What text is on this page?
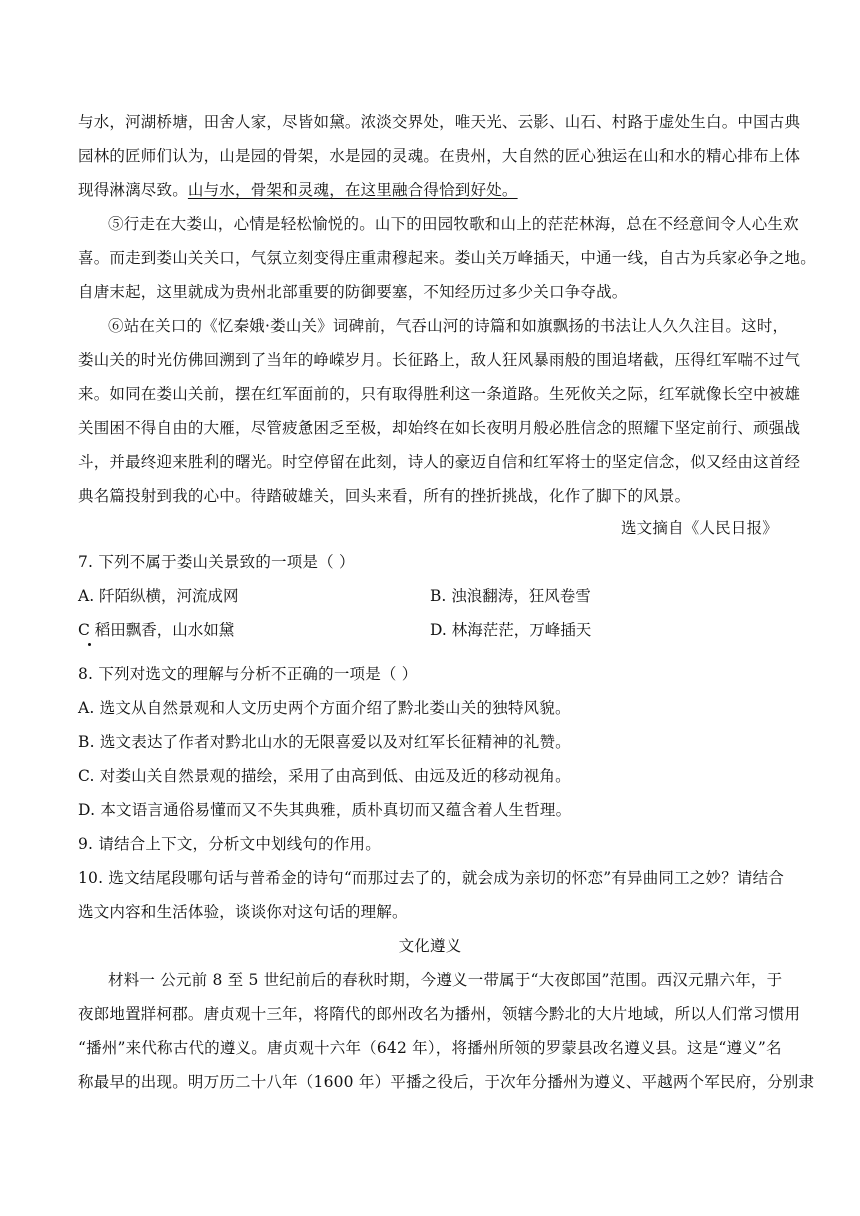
与水，河湖桥塘，田舍人家，尽皆如黛。浓淡交界处，唯天光、云影、山石、村路于虚处生白。中国古典
园林的匠师们认为，山是园的骨架，水是园的灵魂。在贵州，大自然的匠心独运在山和水的精心排布上体
现得淋漓尽致。山与水，骨架和灵魂，在这里融合得恰到好处。
⑤行走在大娄山，心情是轻松愉悦的。山下的田园牧歌和山上的茫茫林海，总在不经意间令人心生欢
喜。而走到娄山关关口，气氛立刻变得庄重肃穆起来。娄山关万峰插天，中通一线，自古为兵家必争之地。
自唐末起，这里就成为贵州北部重要的防御要塞，不知经历过多少关口争夺战。
⑥站在关口的《忆秦娥·娄山关》词碑前，气吞山河的诗篇和如旗飘扬的书法让人久久注目。这时，
娄山关的时光仿佛回溯到了当年的峥嵘岁月。长征路上，敌人狂风暴雨般的围追堵截，压得红军喘不过气
来。如同在娄山关前，摆在红军面前的，只有取得胜利这一条道路。生死攸关之际，红军就像长空中被雄
关围困不得自由的大雁，尽管疲惫困乏至极，却始终在如长夜明月般必胜信念的照耀下坚定前行、顽强战
斗，并最终迎来胜利的曙光。时空停留在此刻，诗人的豪迈自信和红军将士的坚定信念，似又经由这首经
典名篇投射到我的心中。待踏破雄关，回头来看，所有的挫折挑战，化作了脚下的风景。
选文摘自《人民日报》
7. 下列不属于娄山关景致的一项是（ ）
A. 阡陌纵横，河流成网	B. 浊浪翻涛，狂风卷雪
C 稻田飘香，山水如黛	D. 林海茫茫，万峰插天
8. 下列对选文的理解与分析不正确的一项是（ ）
A. 选文从自然景观和人文历史两个方面介绍了黔北娄山关的独特风貌。
B. 选文表达了作者对黔北山水的无限喜爱以及对红军长征精神的礼赞。
C. 对娄山关自然景观的描绘，采用了由高到低、由远及近的移动视角。
D. 本文语言通俗易懂而又不失其典雅，质朴真切而又蕴含着人生哲理。
9. 请结合上下文，分析文中划线句的作用。
10. 选文结尾段哪句话与普希金的诗句“而那过去了的，就会成为亲切的怀恋”有异曲同工之妙？请结合
选文内容和生活体验，谈谈你对这句话的理解。
文化遵义
材料一 公元前 8 至 5 世纪前后的春秋时期，今遵义一带属于“大夜郎国”范围。西汉元鼎六年，于
夜郎地置牂柯郡。唐贞观十三年，将隋代的郎州改名为播州，领辖今黔北的大片地域，所以人们常习惯用
“播州”来代称古代的遵义。唐贞观十六年（642 年），将播州所领的罗蒙县改名遵义县。这是“遵义”名
称最早的出现。明万历二十八年（1600 年）平播之役后，于次年分播州为遵义、平越两个军民府，分别隶
